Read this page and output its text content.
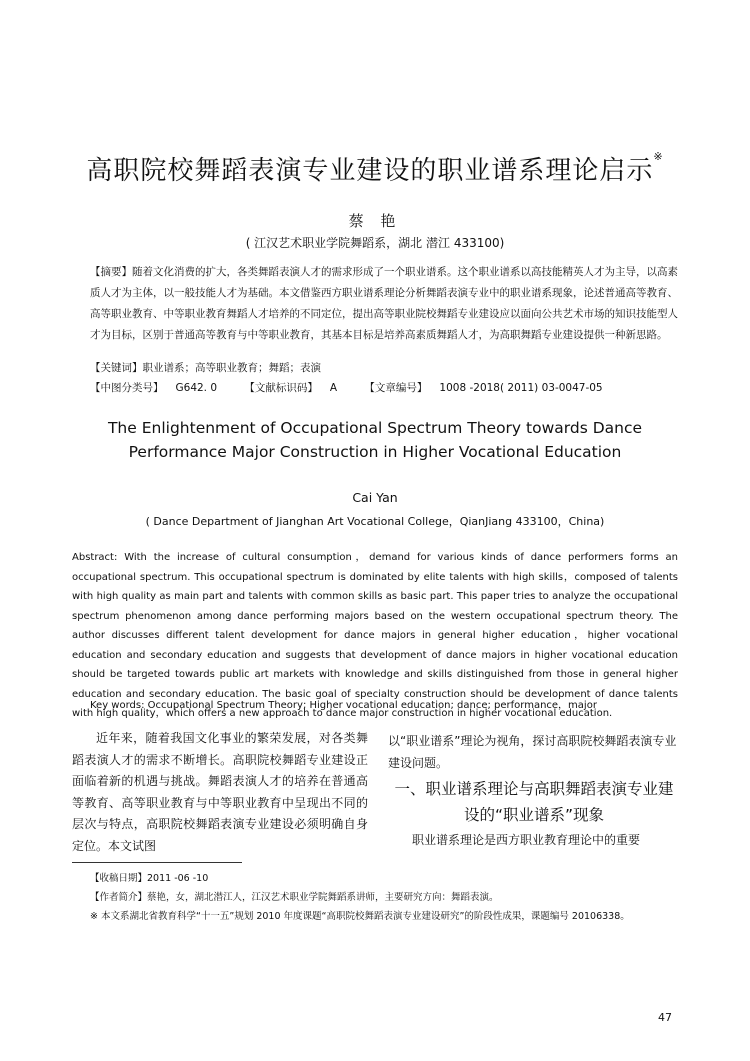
高职院校舞蹈表演专业建设的职业谱系理论启示※
蔡 艳
( 江汉艺术职业学院舞蹈系，湖北 潜江 433100)
【摘要】随着文化消费的扩大，各类舞蹈表演人才的需求形成了一个职业谱系。这个职业谱系以高技能精英人才为主导，以高素质人才为主体，以一般技能人才为基础。本文借鉴西方职业谱系理论分析舞蹈表演专业中的职业谱系现象，论述普通高等教育、高等职业教育、中等职业教育舞蹈人才培养的不同定位，提出高等职业院校舞蹈专业建设应以面向公共艺术市场的知识技能型人才为目标，区别于普通高等教育与中等职业教育，其基本目标是培养高素质舞蹈人才，为高职舞蹈专业建设提供一种新思路。
【关键词】职业谱系；高等职业教育；舞蹈；表演
【中图分类号】 G642. 0	【文献标识码】 A	【文章编号】 1008 -2018( 2011) 03-0047-05
The Enlightenment of Occupational Spectrum Theory towards Dance Performance Major Construction in Higher Vocational Education
Cai Yan
( Dance Department of Jianghan Art Vocational College，QianJiang 433100，China)
Abstract: With the increase of cultural consumption，demand for various kinds of dance performers forms an occupational spectrum. This occupational spectrum is dominated by elite talents with high skills，composed of talents with high quality as main part and talents with common skills as basic part. This paper tries to analyze the occupational spectrum phenomenon among dance performing majors based on the western occupational spectrum theory. The author discusses different talent development for dance majors in general higher education，higher vocational education and secondary education and suggests that development of dance majors in higher vocational education should be targeted towards public art markets with knowledge and skills distinguished from those in general higher education and secondary education. The basic goal of specialty construction should be development of dance talents with high quality，which offers a new approach to dance major construction in higher vocational education.
Key words: Occupational Spectrum Theory; Higher vocational education; dance; performance，major
近年来，随着我国文化事业的繁荣发展，对各类舞蹈表演人才的需求不断增长。高职院校舞蹈专业建设正面临着新的机遇与挑战。舞蹈表演人才的培养在普通高等教育、高等职业教育与中等职业教育中呈现出不同的层次与特点，高职院校舞蹈表演专业建设必须明确自身定位。本文试图
以“职业谱系”理论为视角，探讨高职院校舞蹈表演专业建设问题。
一、职业谱系理论与高职舞蹈表演专业建设的“职业谱系”现象
职业谱系理论是西方职业教育理论中的重要
【收稿日期】2011 -06 -10
【作者简介】蔡艳，女，湖北潜江人，江汉艺术职业学院舞蹈系讲师，主要研究方向：舞蹈表演。
※ 本文系湖北省教育科学“十一五”规划 2010 年度课题“高职院校舞蹈表演专业建设研究”的阶段性成果，课题编号 20106338。
47
